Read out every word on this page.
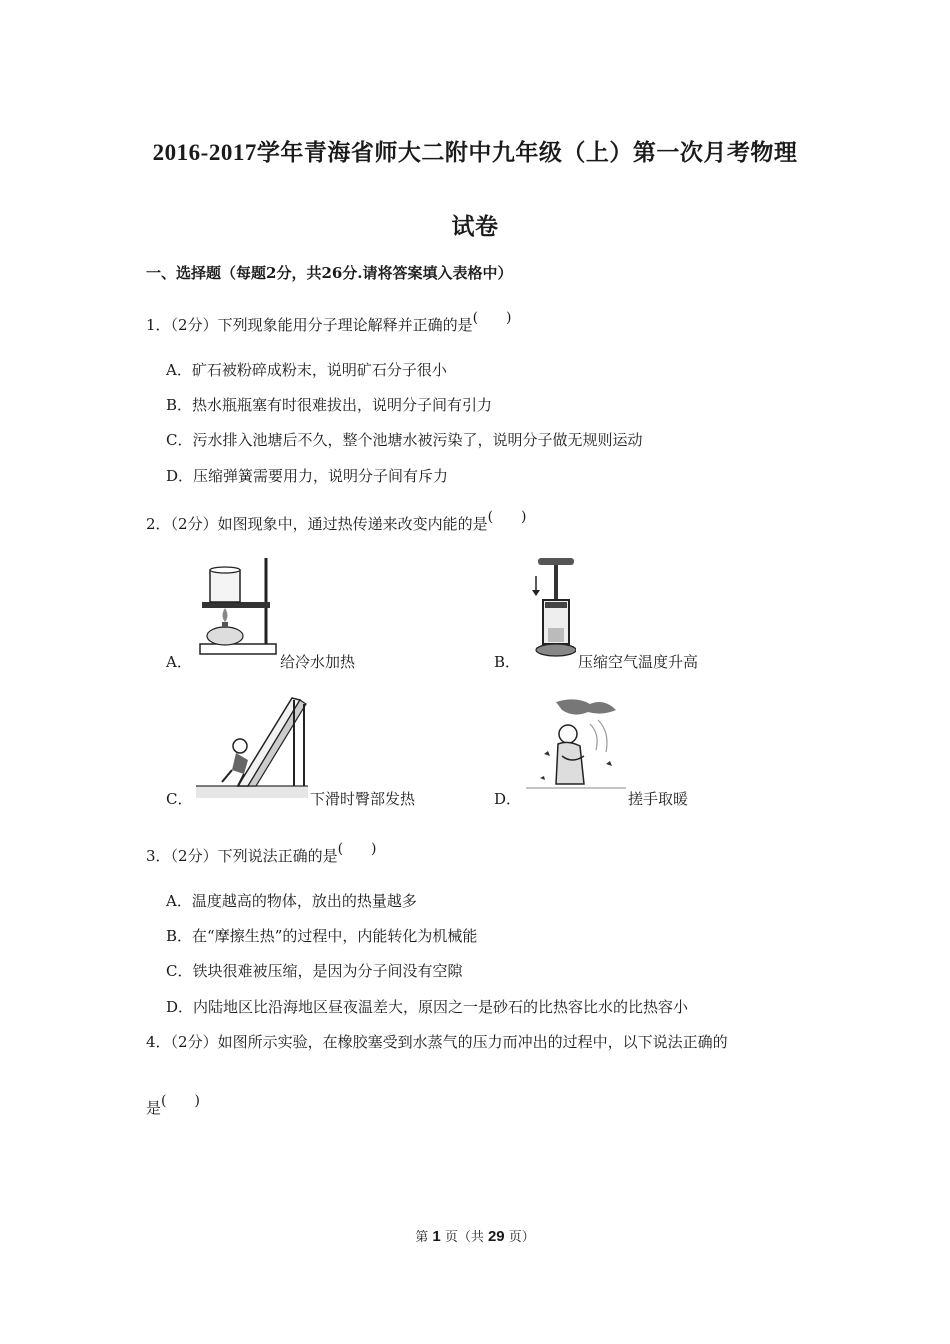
2016-2017学年青海省师大二附中九年级（上）第一次月考物理
试卷
一、选择题（每题2分，共26分.请将答案填入表格中）
1．（2分）下列现象能用分子理论解释并正确的是(　　)
A．矿石被粉碎成粉末，说明矿石分子很小
B．热水瓶瓶塞有时很难拔出，说明分子间有引力
C．污水排入池塘后不久，整个池塘水被污染了，说明分子做无规则运动
D．压缩弹簧需要用力，说明分子间有斥力
2．（2分）如图现象中，通过热传递来改变内能的是(　　)
A．	给冷水加热	B．	压缩空气温度升高
C．	下滑时臀部发热	D．	搓手取暖
3．（2分）下列说法正确的是(　　)
A．温度越高的物体，放出的热量越多
B．在“摩擦生热”的过程中，内能转化为机械能
C．铁块很难被压缩，是因为分子间没有空隙
D．内陆地区比沿海地区昼夜温差大，原因之一是砂石的比热容比水的比热容小
4．（2分）如图所示实验，在橡胶塞受到水蒸气的压力而冲出的过程中，以下说法正确的
是(　　)
第 1 页（共 29 页）
